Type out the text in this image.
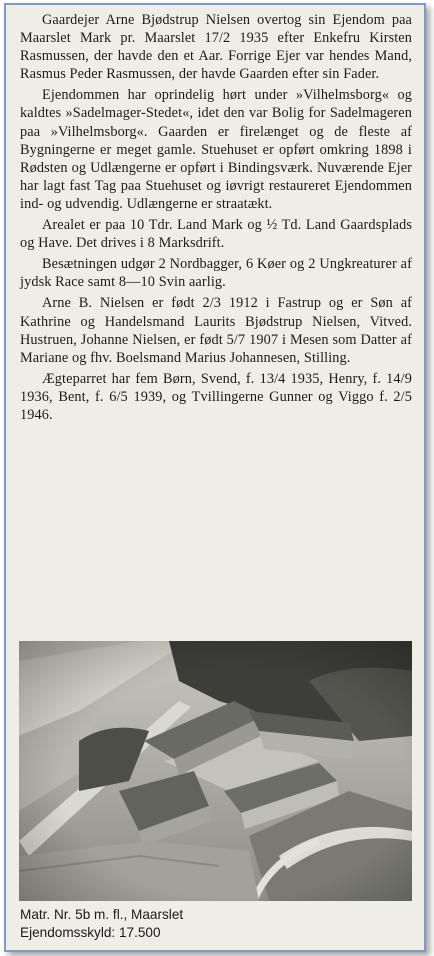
Gaardejer Arne Bjødstrup Nielsen overtog sin Ejendom paa Maarslet Mark pr. Maarslet 17/2 1935 efter Enkefru Kirsten Rasmussen, der havde den et Aar. Forrige Ejer var hendes Mand, Rasmus Peder Rasmussen, der havde Gaarden efter sin Fader.

Ejendommen har oprindelig hørt under »Vilhelmsborg« og kaldtes »Sadelmager-Stedet«, idet den var Bolig for Sadelmageren paa »Vilhelmsborg«. Gaarden er firelænget og de fleste af Bygningerne er meget gamle. Stuehuset er opført omkring 1898 i Rødsten og Udlængerne er opført i Bindingsværk. Nuværende Ejer har lagt fast Tag paa Stuehuset og iøvrigt restaureret Ejendommen ind- og udvendig. Udlængerne er straatækt.

Arealet er paa 10 Tdr. Land Mark og ½ Td. Land Gaardsplads og Have. Det drives i 8 Marksdrift.

Besætningen udgør 2 Nordbagger, 6 Køer og 2 Ungkreaturer af jydsk Race samt 8—10 Svin aarlig.

Arne B. Nielsen er født 2/3 1912 i Fastrup og er Søn af Kathrine og Handelsmand Laurits Bjødstrup Nielsen, Vitved. Hustruen, Johanne Nielsen, er født 5/7 1907 i Mesen som Datter af Mariane og fhv. Boelsmand Marius Johannesen, Stilling.

Ægteparret har fem Børn, Svend, f. 13/4 1935, Henry, f. 14/9 1936, Bent, f. 6/5 1939, og Tvillingerne Gunner og Viggo f. 2/5 1946.

Matr. Nr. 5b m. fl., Maarslet
Ejendomsskyld: 17.500
